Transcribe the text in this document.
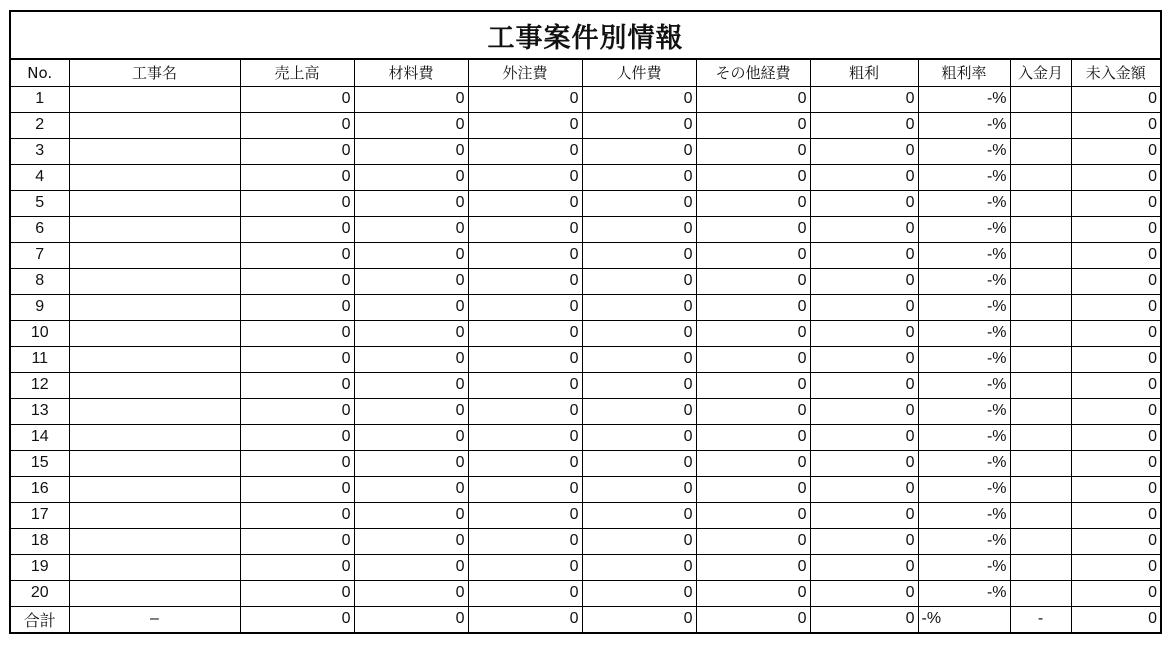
工事案件別情報
No.	工事名	売上高	材料費	外注費	人件費	その他経費	粗利	粗利率	入金月	未入金額
1		0	0	0	0	0	0	-%		0
2		0	0	0	0	0	0	-%		0
3		0	0	0	0	0	0	-%		0
4		0	0	0	0	0	0	-%		0
5		0	0	0	0	0	0	-%		0
6		0	0	0	0	0	0	-%		0
7		0	0	0	0	0	0	-%		0
8		0	0	0	0	0	0	-%		0
9		0	0	0	0	0	0	-%		0
10		0	0	0	0	0	0	-%		0
11		0	0	0	0	0	0	-%		0
12		0	0	0	0	0	0	-%		0
13		0	0	0	0	0	0	-%		0
14		0	0	0	0	0	0	-%		0
15		0	0	0	0	0	0	-%		0
16		0	0	0	0	0	0	-%		0
17		0	0	0	0	0	0	-%		0
18		0	0	0	0	0	0	-%		0
19		0	0	0	0	0	0	-%		0
20		0	0	0	0	0	0	-%		0
合計	–	0	0	0	0	0	0	-%	-	0
